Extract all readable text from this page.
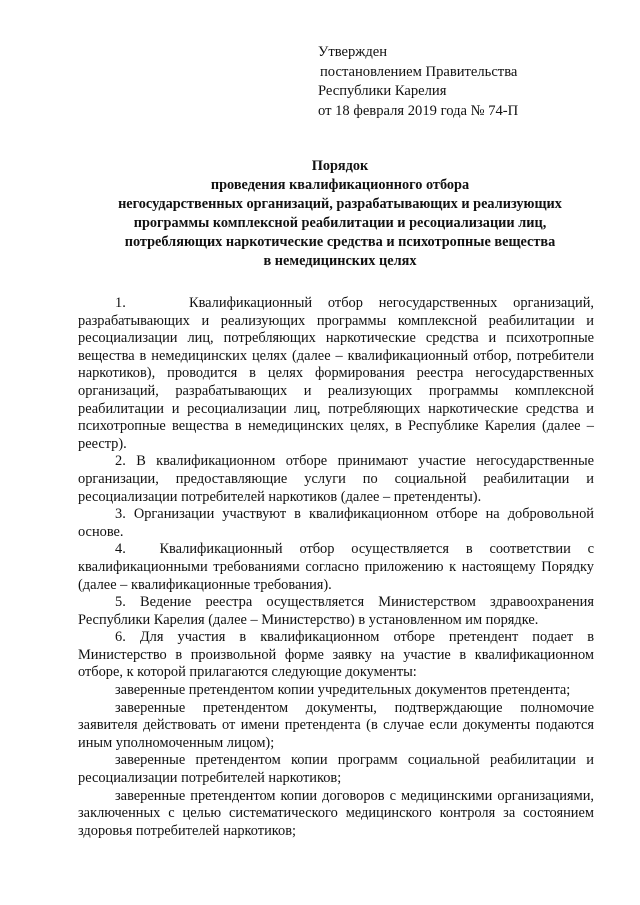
Утвержден
постановлением Правительства
Республики Карелия
от 18 февраля 2019 года № 74-П
Порядок
проведения квалификационного отбора
негосударственных организаций, разрабатывающих и реализующих
программы комплексной реабилитации и ресоциализации лиц,
потребляющих наркотические средства и психотропные вещества
в немедицинских целях

1.    Квалификационный отбор негосударственных организаций, разрабатывающих и реализующих программы комплексной реабилитации и ресоциализации лиц, потребляющих наркотические средства и психотропные вещества в немедицинских целях (далее – квалификационный отбор, потребители наркотиков), проводится в целях формирования реестра негосударственных организаций, разрабатывающих и реализующих программы комплексной реабилитации и ресоциализации лиц, потребляющих наркотические средства и психотропные вещества в немедицинских целях, в Республике Карелия (далее – реестр).

2. В квалификационном отборе принимают участие негосударственные организации, предоставляющие услуги по социальной реабилитации и ресоциализации потребителей наркотиков (далее – претенденты).

3. Организации участвуют в квалификационном отборе на добровольной основе.

4.  Квалификационный отбор осуществляется в соответствии с квалификационными требованиями согласно приложению к настоящему Порядку (далее – квалификационные требования).

5. Ведение реестра осуществляется Министерством здравоохранения Республики Карелия (далее – Министерство) в установленном им порядке.

6. Для участия в квалификационном отборе претендент подает в Министерство в произвольной форме заявку на участие в квалификационном отборе, к которой прилагаются следующие документы:

заверенные претендентом копии учредительных документов претендента;

заверенные претендентом документы, подтверждающие полномочие заявителя действовать от имени претендента (в случае если документы подаются иным уполномоченным лицом);

заверенные претендентом копии программ социальной реабилитации и ресоциализации потребителей наркотиков;

заверенные претендентом копии договоров с медицинскими организациями, заключенных с целью систематического медицинского контроля за состоянием здоровья потребителей наркотиков;
